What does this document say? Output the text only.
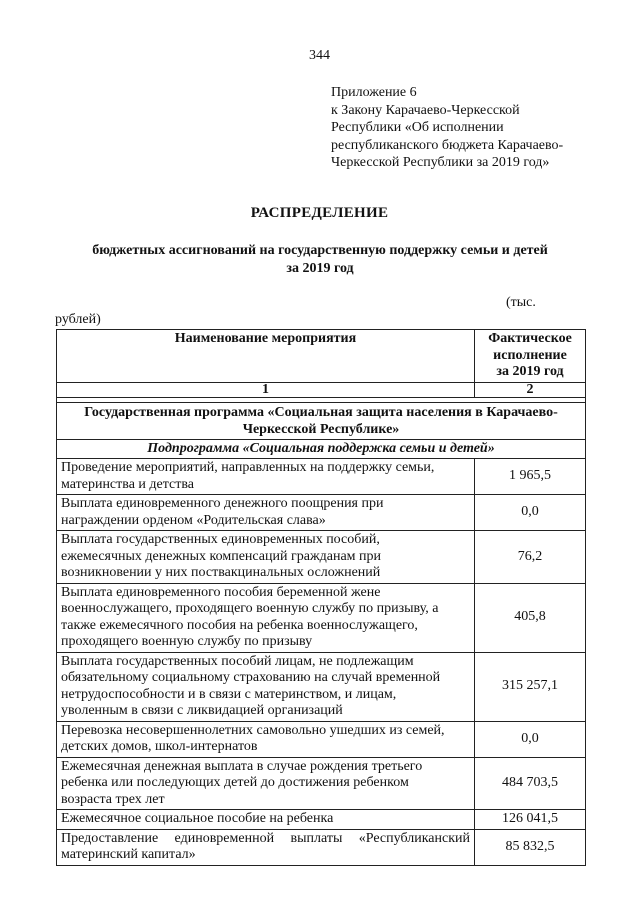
344
Приложение 6
к Закону Карачаево-Черкесской
Республики «Об исполнении
республиканского бюджета Карачаево-
Черкесской Республики за 2019 год»
РАСПРЕДЕЛЕНИЕ
бюджетных ассигнований на государственную поддержку семьи и детей
за 2019 год
(тыс.
рублей)
Наименование мероприятия	Фактическое
исполнение
за 2019 год

1	2

Государственная программа «Социальная защита населения в Карачаево-
Черкесской Республике»	

Подпрограмма «Социальная поддержка семьи и детей»	

Проведение мероприятий, направленных на поддержку семьи,
материнства и детства	1 965,5

Выплата единовременного денежного поощрения при
награждении орденом «Родительская слава»	0,0

Выплата государственных единовременных пособий,
ежемесячных денежных компенсаций гражданам при
возникновении у них поствакцинальных осложнений	76,2

Выплата единовременного пособия беременной жене
военнослужащего, проходящего военную службу по призыву, а
также ежемесячного пособия на ребенка военнослужащего,
проходящего военную службу по призыву	405,8

Выплата государственных пособий лицам, не подлежащим
обязательному социальному страхованию на случай временной
нетрудоспособности и в связи с материнством, и лицам,
уволенным в связи с ликвидацией организаций	315 257,1

Перевозка несовершеннолетних самовольно ушедших из семей,
детских домов, школ-интернатов	0,0

Ежемесячная денежная выплата в случае рождения третьего
ребенка или последующих детей до достижения ребенком
возраста трех лет	484 703,5

Ежемесячное социальное пособие на ребенка	126 041,5

Предоставление единовременной выплаты «Республиканский
материнский капитал»	85 832,5
